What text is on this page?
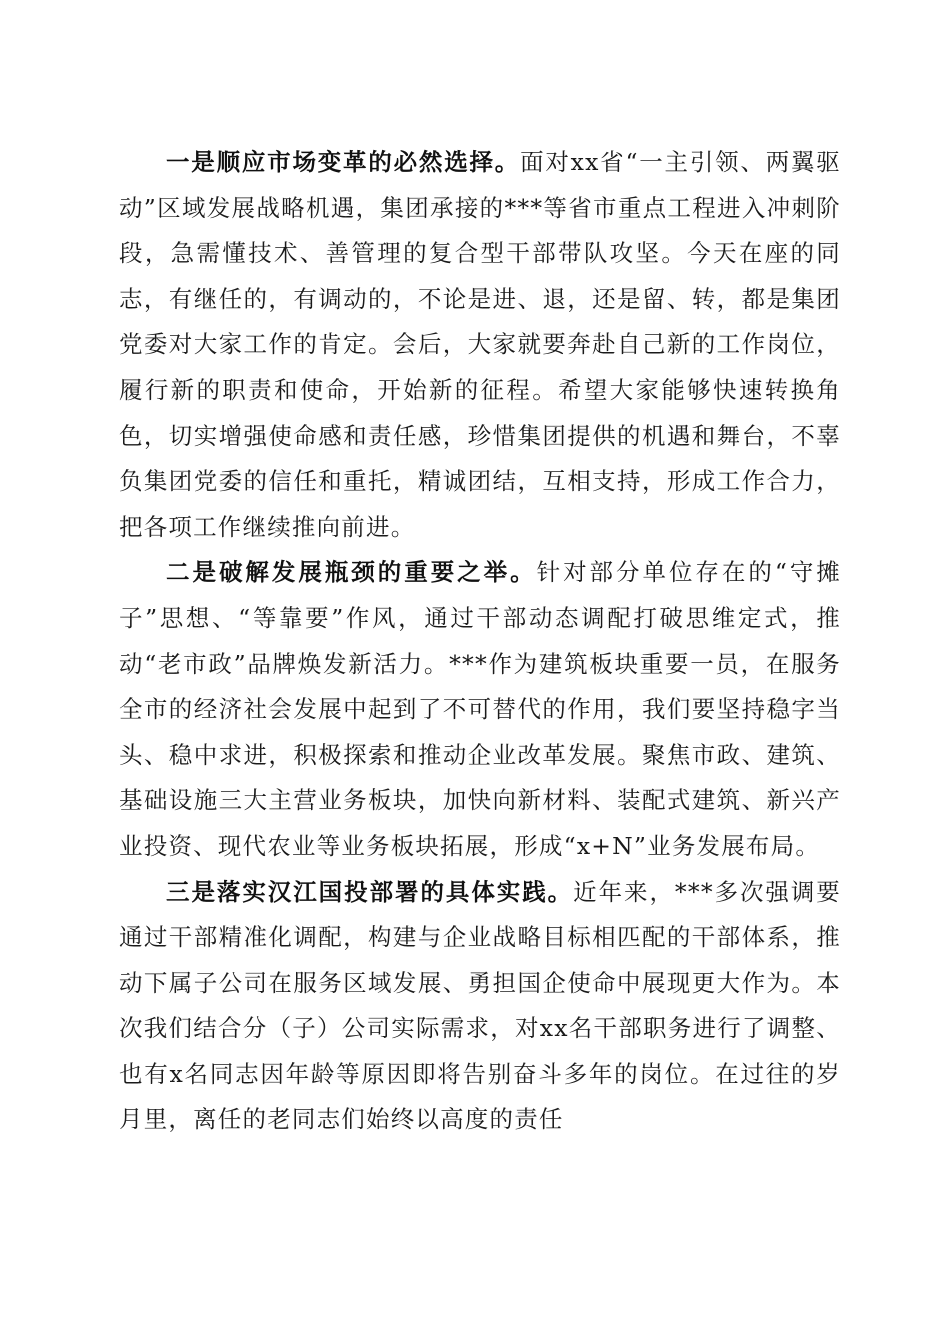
一是顺应市场变革的必然选择。面对xx省“一主引领、两翼驱动”区域发展战略机遇，集团承接的***等省市重点工程进入冲刺阶段，急需懂技术、善管理的复合型干部带队攻坚。今天在座的同志，有继任的，有调动的，不论是进、退，还是留、转，都是集团党委对大家工作的肯定。会后，大家就要奔赴自己新的工作岗位，履行新的职责和使命，开始新的征程。希望大家能够快速转换角色，切实增强使命感和责任感，珍惜集团提供的机遇和舞台，不辜负集团党委的信任和重托，精诚团结，互相支持，形成工作合力，把各项工作继续推向前进。

二是破解发展瓶颈的重要之举。针对部分单位存在的“守摊子”思想、“等靠要”作风，通过干部动态调配打破思维定式，推动“老市政”品牌焕发新活力。***作为建筑板块重要一员，在服务全市的经济社会发展中起到了不可替代的作用，我们要坚持稳字当头、稳中求进，积极探索和推动企业改革发展。聚焦市政、建筑、基础设施三大主营业务板块，加快向新材料、装配式建筑、新兴产业投资、现代农业等业务板块拓展，形成“x+N”业务发展布局。

三是落实汉江国投部署的具体实践。近年来，***多次强调要通过干部精准化调配，构建与企业战略目标相匹配的干部体系，推动下属子公司在服务区域发展、勇担国企使命中展现更大作为。本次我们结合分（子）公司实际需求，对xx名干部职务进行了调整、也有x名同志因年龄等原因即将告别奋斗多年的岗位。在过往的岁月里，离任的老同志们始终以高度的责任
